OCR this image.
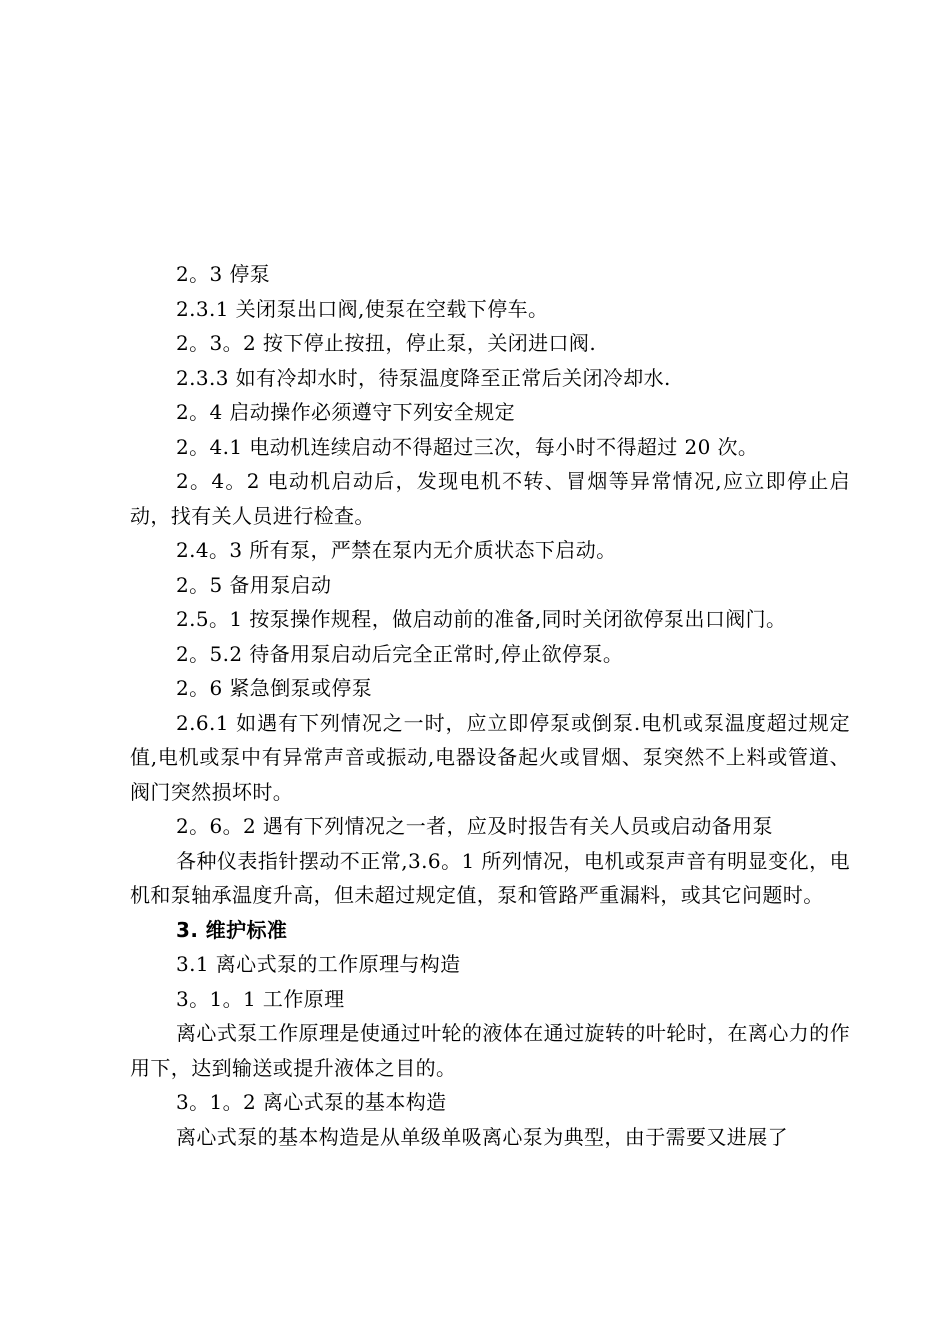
2。3 停泵

2.3.1 关闭泵出口阀,使泵在空载下停车。

2。3。2 按下停止按扭，停止泵，关闭进口阀.

2.3.3 如有冷却水时，待泵温度降至正常后关闭冷却水.

2。4 启动操作必须遵守下列安全规定

2。4.1 电动机连续启动不得超过三次，每小时不得超过 20 次。

2。4。2 电动机启动后，发现电机不转、冒烟等异常情况,应立即停止启动，找有关人员进行检查。

2.4。3 所有泵，严禁在泵内无介质状态下启动。

2。5 备用泵启动

2.5。1 按泵操作规程，做启动前的准备,同时关闭欲停泵出口阀门。

2。5.2 待备用泵启动后完全正常时,停止欲停泵。

2。6 紧急倒泵或停泵

2.6.1 如遇有下列情况之一时，应立即停泵或倒泵.电机或泵温度超过规定值,电机或泵中有异常声音或振动,电器设备起火或冒烟、泵突然不上料或管道、阀门突然损坏时。

2。6。2 遇有下列情况之一者，应及时报告有关人员或启动备用泵

各种仪表指针摆动不正常,3.6。1 所列情况，电机或泵声音有明显变化，电机和泵轴承温度升高，但未超过规定值，泵和管路严重漏料，或其它问题时。

3. 维护标准

3.1 离心式泵的工作原理与构造

3。1。1 工作原理

离心式泵工作原理是使通过叶轮的液体在通过旋转的叶轮时，在离心力的作用下，达到输送或提升液体之目的。

3。1。2 离心式泵的基本构造

离心式泵的基本构造是从单级单吸离心泵为典型，由于需要又进展了
